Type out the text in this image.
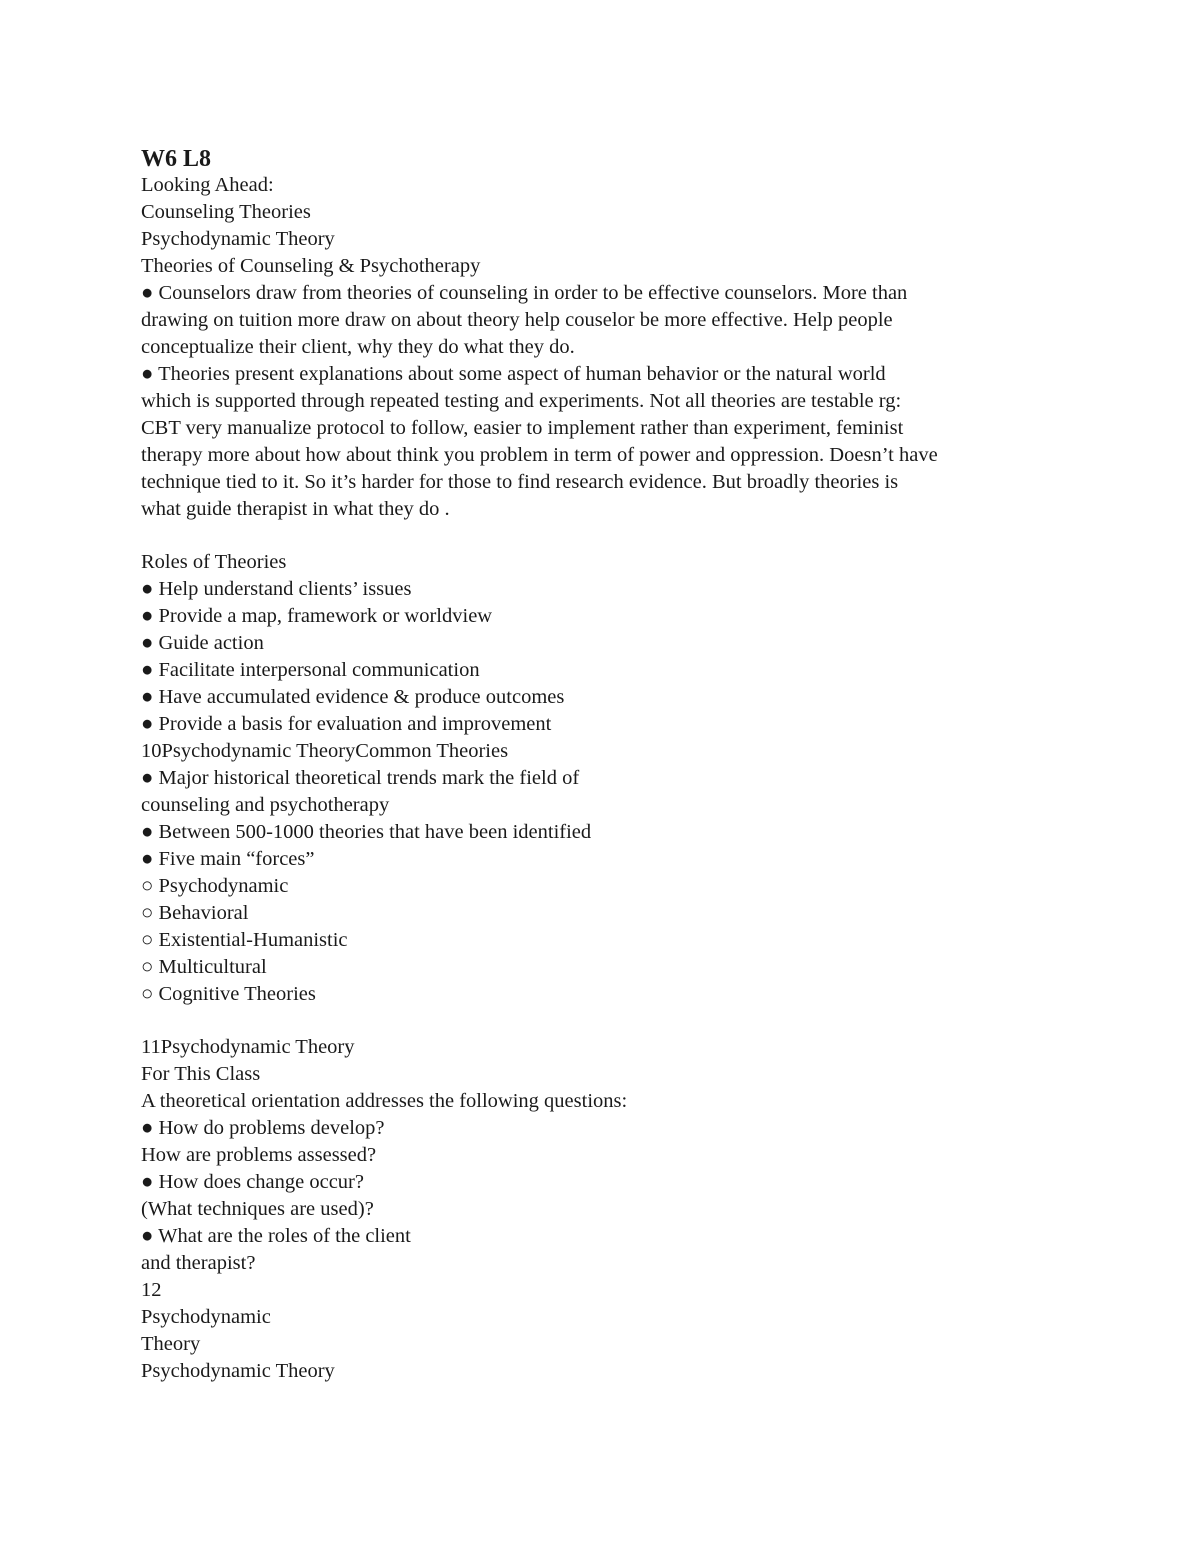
W6 L8
Looking Ahead:
Counseling Theories
Psychodynamic Theory
Theories of Counseling & Psychotherapy
● Counselors draw from theories of counseling in order to be effective counselors. More than
drawing on tuition more draw on about theory help couselor be more effective. Help people
conceptualize their client, why they do what they do.
● Theories present explanations about some aspect of human behavior or the natural world
which is supported through repeated testing and experiments. Not all theories are testable rg:
CBT very manualize protocol to follow, easier to implement rather than experiment, feminist
therapy more about how about think you problem in term of power and oppression. Doesn’t have
technique tied to it. So it’s harder for those to find research evidence. But broadly theories is
what guide therapist in what they do .
Roles of Theories
● Help understand clients’ issues
● Provide a map, framework or worldview
● Guide action
● Facilitate interpersonal communication
● Have accumulated evidence & produce outcomes
● Provide a basis for evaluation and improvement
10Psychodynamic TheoryCommon Theories
● Major historical theoretical trends mark the field of
counseling and psychotherapy
● Between 500-1000 theories that have been identified
● Five main “forces”
○ Psychodynamic
○ Behavioral
○ Existential-Humanistic
○ Multicultural
○ Cognitive Theories
11Psychodynamic Theory
For This Class
A theoretical orientation addresses the following questions:
● How do problems develop?
How are problems assessed?
● How does change occur?
(What techniques are used)?
● What are the roles of the client
and therapist?
12
Psychodynamic
Theory
Psychodynamic Theory
